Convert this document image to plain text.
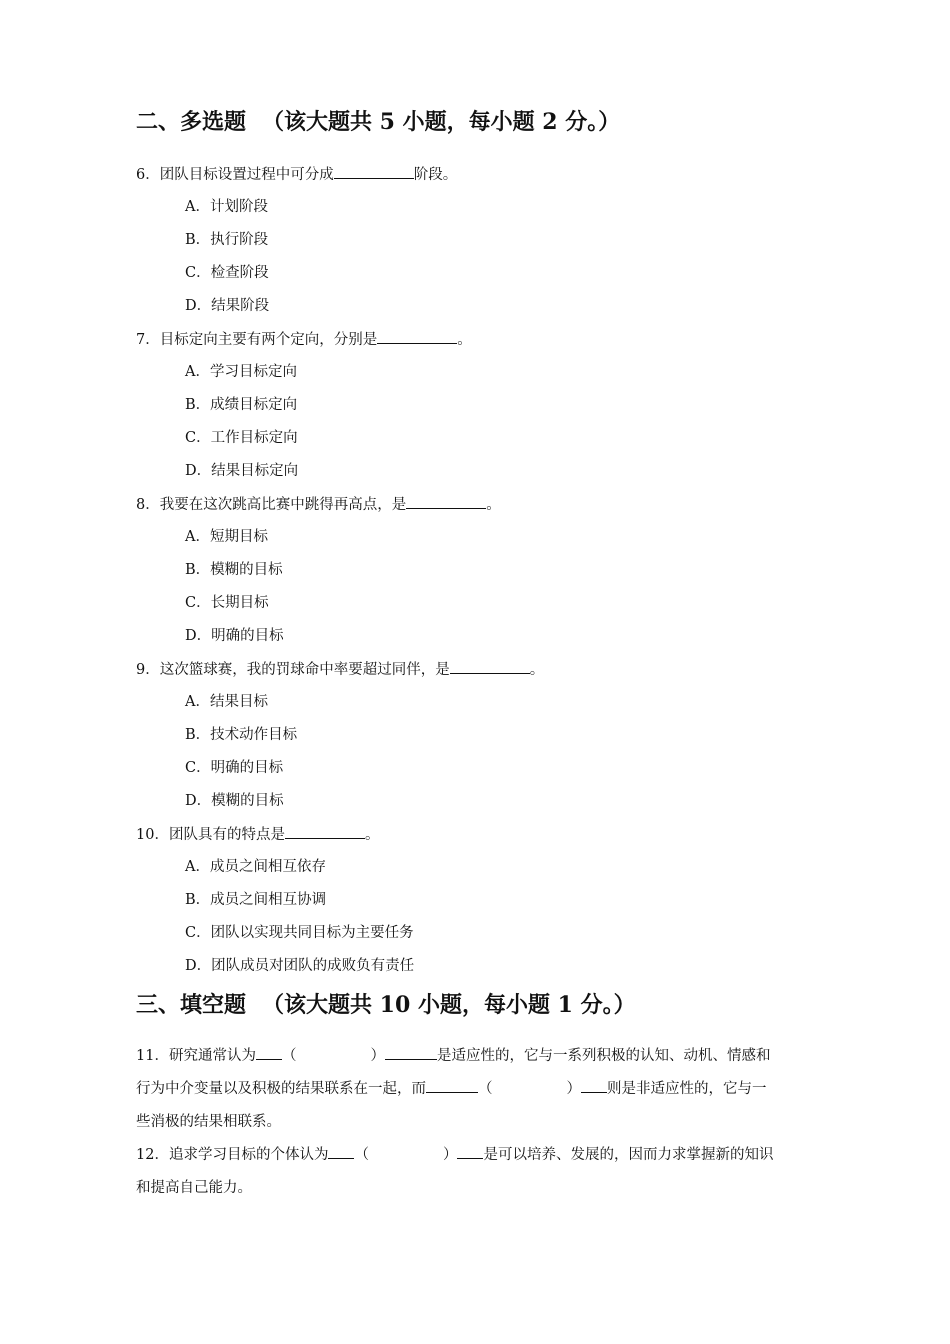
二、多选题 （该大题共 5 小题，每小题 2 分。）
6．团队目标设置过程中可分成	阶段。
A．计划阶段
B．执行阶段
C．检查阶段
D．结果阶段
7．目标定向主要有两个定向，分别是	。
A．学习目标定向
B．成绩目标定向
C．工作目标定向
D．结果目标定向
8．我要在这次跳高比赛中跳得再高点，是	。
A．短期目标
B．模糊的目标
C．长期目标
D．明确的目标
9．这次篮球赛，我的罚球命中率要超过同伴，是	。
A．结果目标
B．技术动作目标
C．明确的目标
D．模糊的目标
10．团队具有的特点是	。
A．成员之间相互依存
B．成员之间相互协调
C．团队以实现共同目标为主要任务
D．团队成员对团队的成败负有责任
三、填空题 （该大题共 10 小题，每小题 1 分。）
11．研究通常认为 （	）	是适应性的，它与一系列积极的认知、动机、情感和
行为中介变量以及积极的结果联系在一起，而	（	） 则是非适应性的，它与一
些消极的结果相联系。
12．追求学习目标的个体认为 （	） 是可以培养、发展的，因而力求掌握新的知识
和提高自己能力。
